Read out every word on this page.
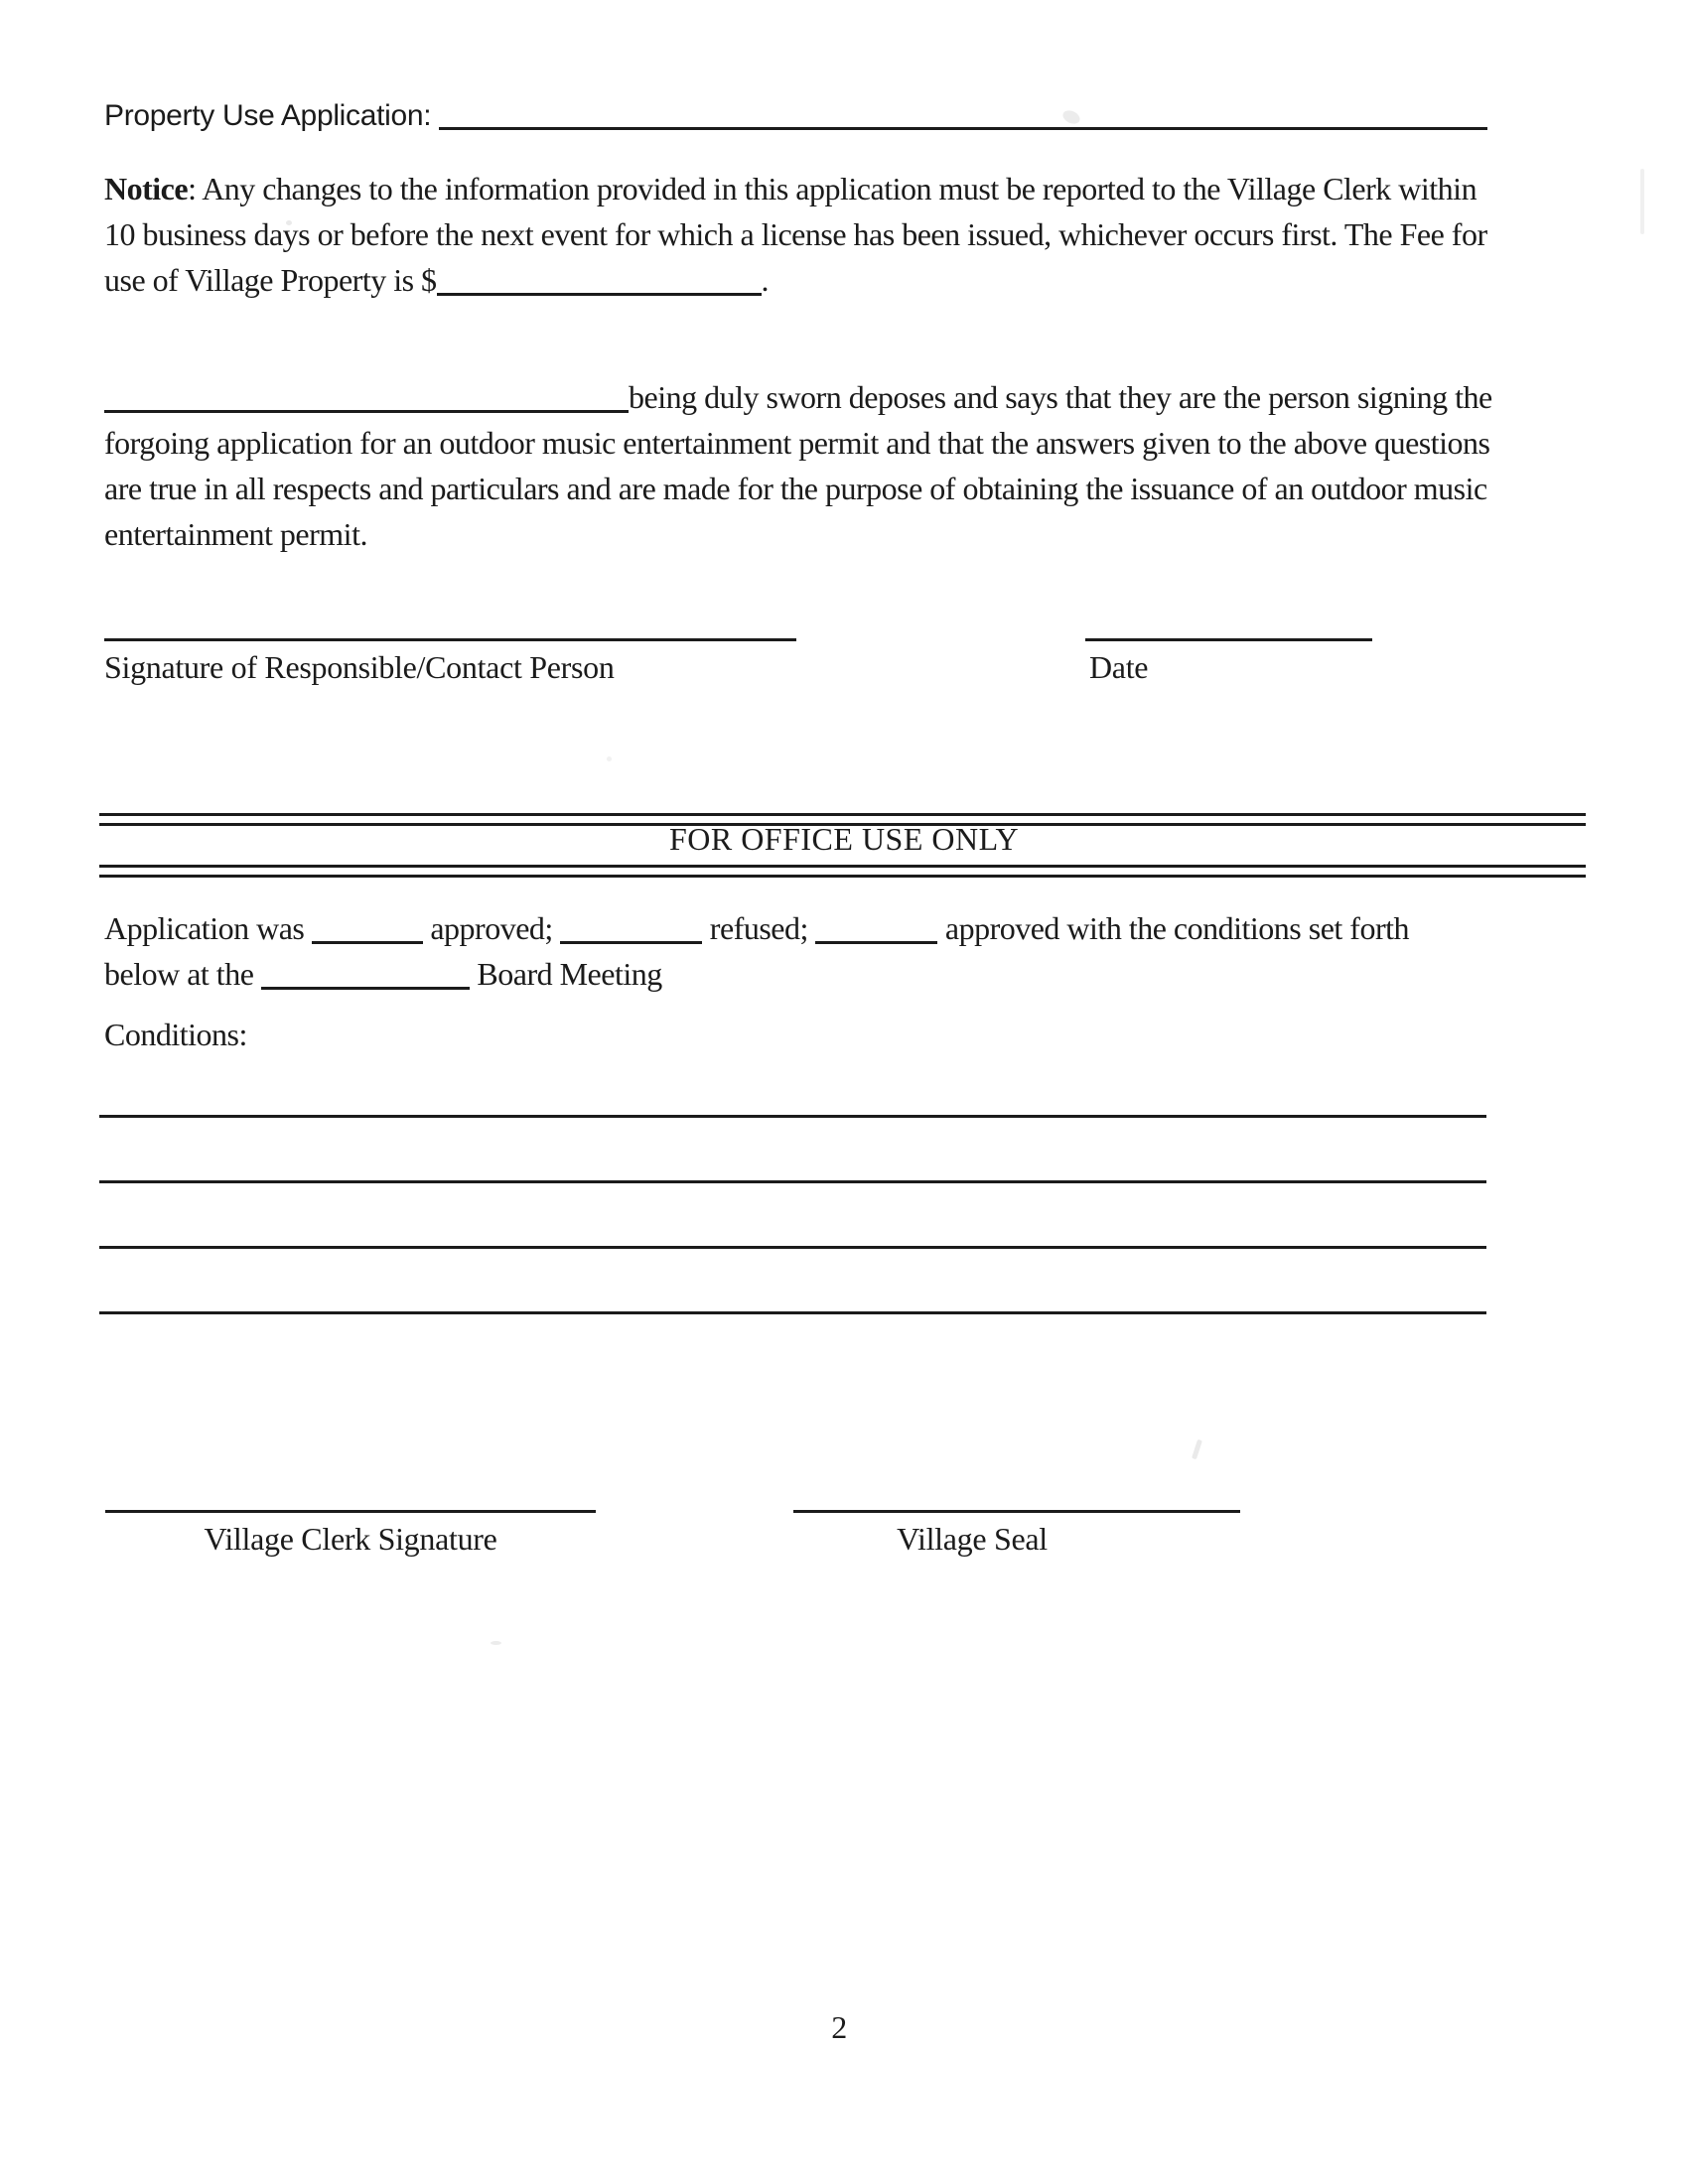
Property Use Application:
Notice: Any changes to the information provided in this application must be reported to the Village Clerk within
10 business days or before the next event for which a license has been issued, whichever occurs first. The Fee for
use of Village Property is $	.
being duly sworn deposes and says that they are the person signing the
forgoing application for an outdoor music entertainment permit and that the answers given to the above questions
are true in all respects and particulars and are made for the purpose of obtaining the issuance of an outdoor music
entertainment permit.
Signature of Responsible/Contact Person	Date
FOR OFFICE USE ONLY
Application was	approved;	refused;	approved with the conditions set forth
below at the	Board Meeting
Conditions:
Village Clerk Signature	Village Seal
2
